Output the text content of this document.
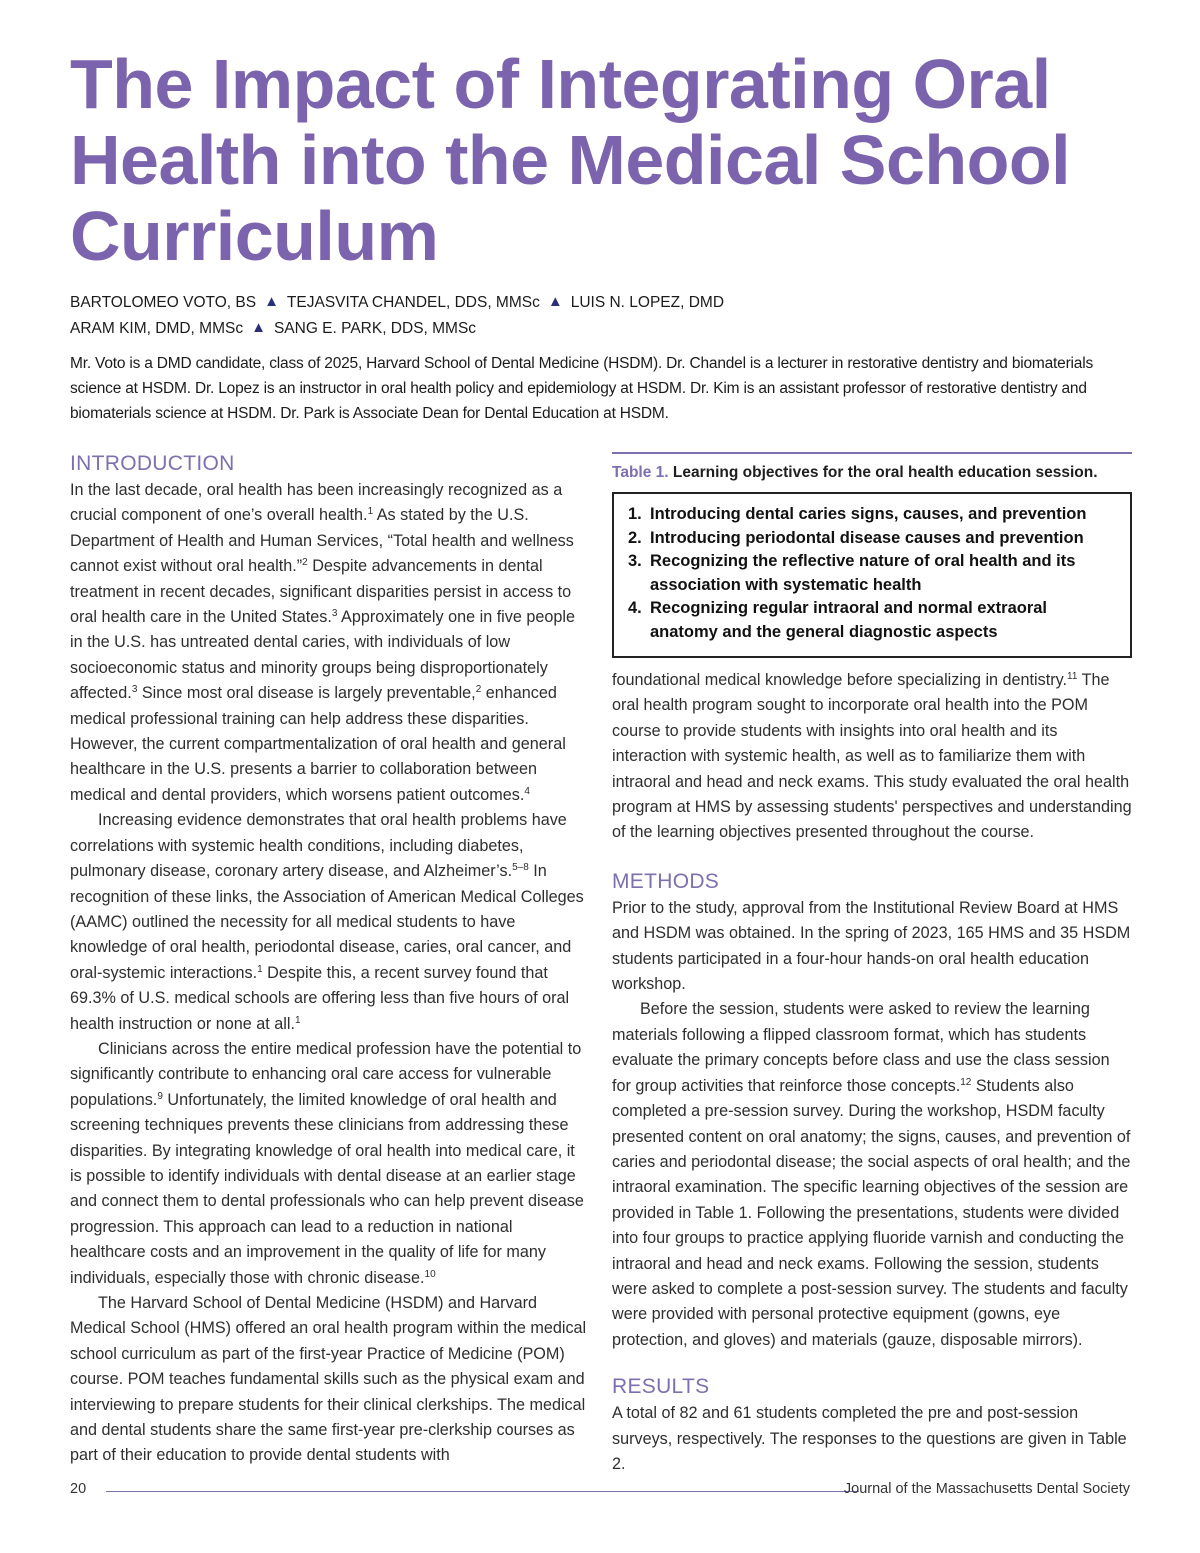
The Impact of Integrating Oral Health into the Medical School Curriculum
BARTOLOMEO VOTO, BS ▲ TEJASVITA CHANDEL, DDS, MMSc ▲ LUIS N. LOPEZ, DMD
ARAM KIM, DMD, MMSc ▲ SANG E. PARK, DDS, MMSc
Mr. Voto is a DMD candidate, class of 2025, Harvard School of Dental Medicine (HSDM). Dr. Chandel is a lecturer in restorative dentistry and biomaterials science at HSDM. Dr. Lopez is an instructor in oral health policy and epidemiology at HSDM. Dr. Kim is an assistant professor of restorative dentistry and biomaterials science at HSDM. Dr. Park is Associate Dean for Dental Education at HSDM.
INTRODUCTION

In the last decade, oral health has been increasingly recognized as a crucial component of one’s overall health.$^1$ As stated by the U.S. Department of Health and Human Services, “Total health and wellness cannot exist without oral health.”$^2$ Despite advancements in dental treatment in recent decades, significant disparities persist in access to oral health care in the United States.$^3$ Approximately one in five people in the U.S. has untreated dental caries, with individuals of low socioeconomic status and minority groups being disproportionately affected.$^3$ Since most oral disease is largely preventable,$^2$ enhanced medical professional training can help address these disparities. However, the current compartmentalization of oral health and general healthcare in the U.S. presents a barrier to collaboration between medical and dental providers, which worsens patient outcomes.$^4$

Increasing evidence demonstrates that oral health problems have correlations with systemic health conditions, including diabetes, pulmonary disease, coronary artery disease, and Alzheimer’s.$^{5-8}$ In recognition of these links, the Association of American Medical Colleges (AAMC) outlined the necessity for all medical students to have knowledge of oral health, periodontal disease, caries, oral cancer, and oral-systemic interactions.$^1$ Despite this, a recent survey found that 69.3% of U.S. medical schools are offering less than five hours of oral health instruction or none at all.$^1$

Clinicians across the entire medical profession have the potential to significantly contribute to enhancing oral care access for vulnerable populations.$^9$ Unfortunately, the limited knowledge of oral health and screening techniques prevents these clinicians from addressing these disparities. By integrating knowledge of oral health into medical care, it is possible to identify individuals with dental disease at an earlier stage and connect them to dental professionals who can help prevent disease progression. This approach can lead to a reduction in national healthcare costs and an improvement in the quality of life for many individuals, especially those with chronic disease.$^{10}$

The Harvard School of Dental Medicine (HSDM) and Harvard Medical School (HMS) offered an oral health program within the medical school curriculum as part of the first-year Practice of Medicine (POM) course. POM teaches fundamental skills such as the physical exam and interviewing to prepare students for their clinical clerkships. The medical and dental students share the same first-year pre-clerkship courses as part of their education to provide dental students with

Table 1. Learning objectives for the oral health education session.
1. Introducing dental caries signs, causes, and prevention
2. Introducing periodontal disease causes and prevention
3. Recognizing the reflective nature of oral health and its association with systematic health
4. Recognizing regular intraoral and normal extraoral anatomy and the general diagnostic aspects

foundational medical knowledge before specializing in dentistry.$^{11}$ The oral health program sought to incorporate oral health into the POM course to provide students with insights into oral health and its interaction with systemic health, as well as to familiarize them with intraoral and head and neck exams. This study evaluated the oral health program at HMS by assessing students' perspectives and understanding of the learning objectives presented throughout the course.

METHODS

Prior to the study, approval from the Institutional Review Board at HMS and HSDM was obtained. In the spring of 2023, 165 HMS and 35 HSDM students participated in a four-hour hands-on oral health education workshop.

Before the session, students were asked to review the learning materials following a flipped classroom format, which has students evaluate the primary concepts before class and use the class session for group activities that reinforce those concepts.$^{12}$ Students also completed a pre-session survey. During the workshop, HSDM faculty presented content on oral anatomy; the signs, causes, and prevention of caries and periodontal disease; the social aspects of oral health; and the intraoral examination. The specific learning objectives of the session are provided in Table 1. Following the presentations, students were divided into four groups to practice applying fluoride varnish and conducting the intraoral and head and neck exams. Following the session, students were asked to complete a post-session survey. The students and faculty were provided with personal protective equipment (gowns, eye protection, and gloves) and materials (gauze, disposable mirrors).

RESULTS

A total of 82 and 61 students completed the pre and post-session surveys, respectively. The responses to the questions are given in Table 2.

20	Journal of the Massachusetts Dental Society
